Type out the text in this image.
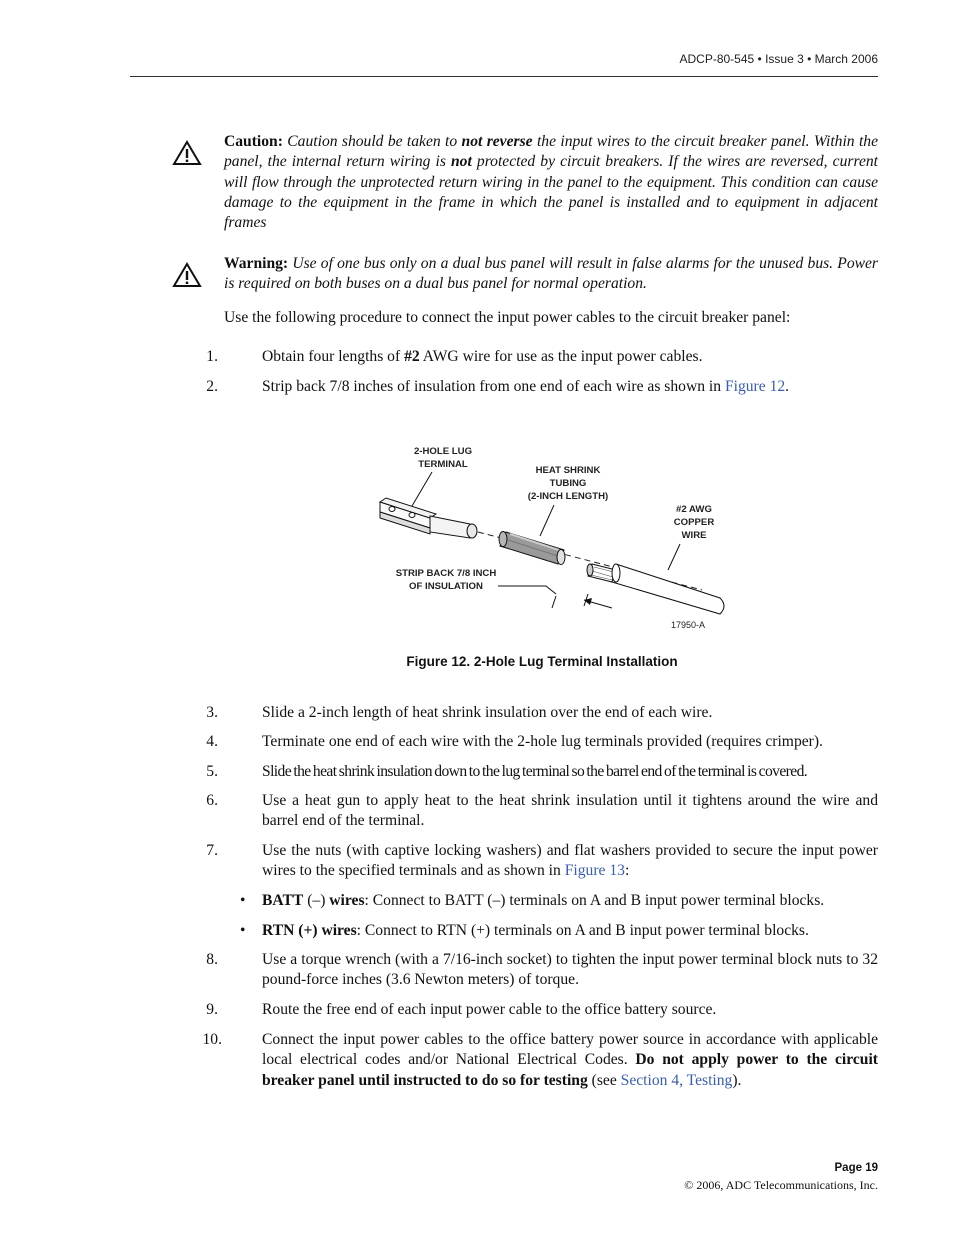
ADCP-80-545 • Issue 3 • March 2006
Caution: Caution should be taken to not reverse the input wires to the circuit breaker panel. Within the panel, the internal return wiring is not protected by circuit breakers. If the wires are reversed, current will flow through the unprotected return wiring in the panel to the equipment. This condition can cause damage to the equipment in the frame in which the panel is installed and to equipment in adjacent frames
Warning: Use of one bus only on a dual bus panel will result in false alarms for the unused bus. Power is required on both buses on a dual bus panel for normal operation.
Use the following procedure to connect the input power cables to the circuit breaker panel:
1.	Obtain four lengths of #2 AWG wire for use as the input power cables.
2.	Strip back 7/8 inches of insulation from one end of each wire as shown in Figure 12.
2-HOLE LUG
TERMINAL
HEAT SHRINK
TUBING
(2-INCH LENGTH)
#2 AWG
COPPER
WIRE
STRIP BACK 7/8 INCH
OF INSULATION
17950-A
Figure 12. 2-Hole Lug Terminal Installation
3.	Slide a 2-inch length of heat shrink insulation over the end of each wire.
4.	Terminate one end of each wire with the 2-hole lug terminals provided (requires crimper).
5.	Slide the heat shrink insulation down to the lug terminal so the barrel end of the terminal is covered.
6.	Use a heat gun to apply heat to the heat shrink insulation until it tightens around the wire and barrel end of the terminal.
7.	Use the nuts (with captive locking washers) and flat washers provided to secure the input power wires to the specified terminals and as shown in Figure 13:
• BATT (–) wires: Connect to BATT (–) terminals on A and B input power terminal blocks.
• RTN (+) wires: Connect to RTN (+) terminals on A and B input power terminal blocks.
8.	Use a torque wrench (with a 7/16-inch socket) to tighten the input power terminal block nuts to 32 pound-force inches (3.6 Newton meters) of torque.
9.	Route the free end of each input power cable to the office battery source.
10.	Connect the input power cables to the office battery power source in accordance with applicable local electrical codes and/or National Electrical Codes. Do not apply power to the circuit breaker panel until instructed to do so for testing (see Section 4, Testing).
Page 19
© 2006, ADC Telecommunications, Inc.
